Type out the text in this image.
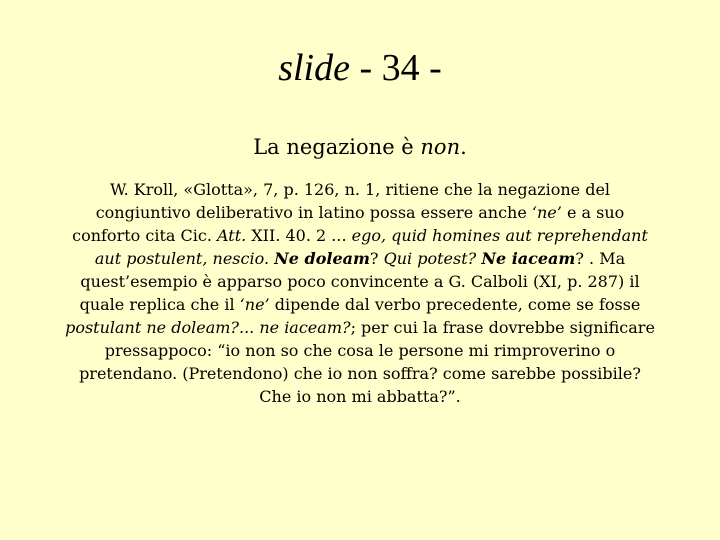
slide - 34 -
La negazione è non.
W. Kroll, «Glotta», 7, p. 126, n. 1, ritiene che la negazione del congiuntivo deliberativo in latino possa essere anche ‘ne’ e a suo conforto cita Cic. Att. XII. 40. 2 ... ego, quid homines aut reprehendant aut postulent, nescio. Ne doleam? Qui potest? Ne iaceam? . Ma quest’esempio è apparso poco convincente a G. Calboli (XI, p. 287) il quale replica che il ‘ne’ dipende dal verbo precedente, come se fosse postulant ne doleam?... ne iaceam?; per cui la frase dovrebbe significare pressappoco: “io non so che cosa le persone mi rimproverino o pretendano. (Pretendono) che io non soffra? come sarebbe possibile? Che io non mi abbatta?”.
